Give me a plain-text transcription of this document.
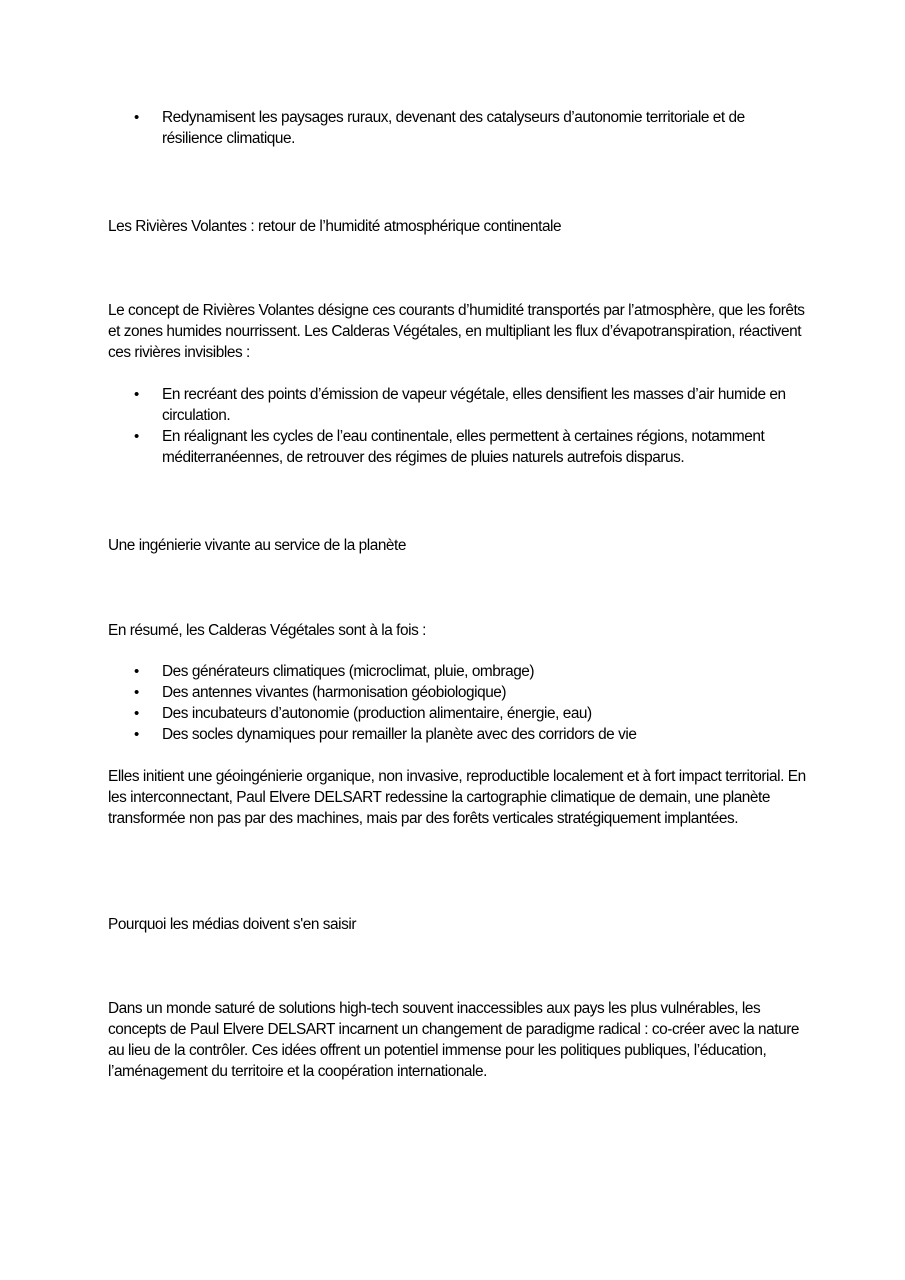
• Redynamisent les paysages ruraux, devenant des catalyseurs d’autonomie territoriale et de résilience climatique.

Les Rivières Volantes : retour de l’humidité atmosphérique continentale

Le concept de Rivières Volantes désigne ces courants d’humidité transportés par l’atmosphère, que les forêts et zones humides nourrissent. Les Calderas Végétales, en multipliant les flux d’évapotranspiration, réactivent ces rivières invisibles :

• En recréant des points d’émission de vapeur végétale, elles densifient les masses d’air humide en circulation.
• En réalignant les cycles de l’eau continentale, elles permettent à certaines régions, notamment méditerranéennes, de retrouver des régimes de pluies naturels autrefois disparus.

Une ingénierie vivante au service de la planète

En résumé, les Calderas Végétales sont à la fois :

• Des générateurs climatiques (microclimat, pluie, ombrage)
• Des antennes vivantes (harmonisation géobiologique)
• Des incubateurs d’autonomie (production alimentaire, énergie, eau)
• Des socles dynamiques pour remailler la planète avec des corridors de vie

Elles initient une géoingénierie organique, non invasive, reproductible localement et à fort impact territorial. En les interconnectant, Paul Elvere DELSART redessine la cartographie climatique de demain, une planète transformée non pas par des machines, mais par des forêts verticales stratégiquement implantées.

Pourquoi les médias doivent s'en saisir

Dans un monde saturé de solutions high-tech souvent inaccessibles aux pays les plus vulnérables, les concepts de Paul Elvere DELSART incarnent un changement de paradigme radical : co-créer avec la nature au lieu de la contrôler. Ces idées offrent un potentiel immense pour les politiques publiques, l’éducation, l’aménagement du territoire et la coopération internationale.
